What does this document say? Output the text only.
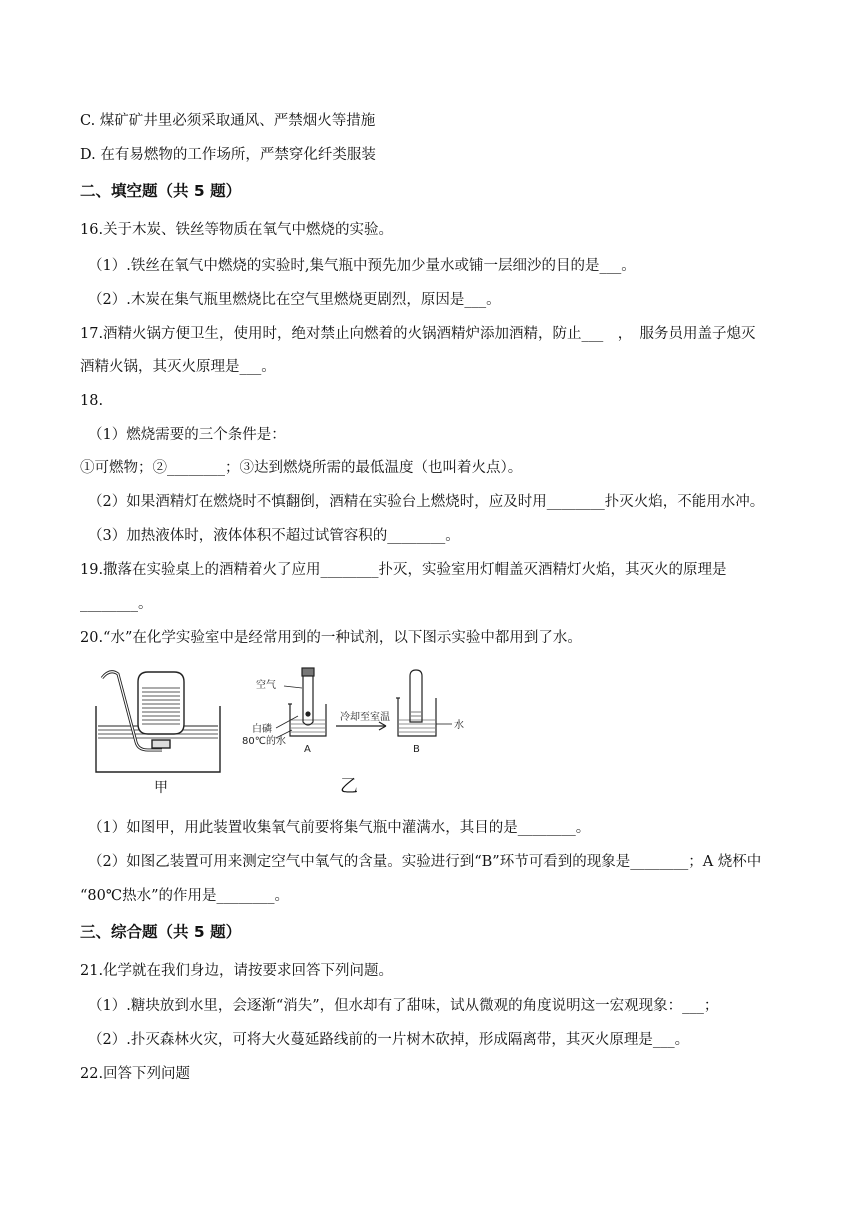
C. 煤矿矿井里必须采取通风、严禁烟火等措施
D. 在有易燃物的工作场所，严禁穿化纤类服装
二、填空题（共 5 题）
16.关于木炭、铁丝等物质在氧气中燃烧的实验。
（1）.铁丝在氧气中燃烧的实验时,集气瓶中预先加少量水或铺一层细沙的目的是___。
（2）.木炭在集气瓶里燃烧比在空气里燃烧更剧烈，原因是___。
17.酒精火锅方便卫生，使用时，绝对禁止向燃着的火锅酒精炉添加酒精，防止___　，　服务员用盖子熄灭
酒精火锅，其灭火原理是___。
18.
（1）燃烧需要的三个条件是：
①可燃物；②________；③达到燃烧所需的最低温度（也叫着火点）。
（2）如果酒精灯在燃烧时不慎翻倒，酒精在实验台上燃烧时，应及时用________扑灭火焰，不能用水冲。
（3）加热液体时，液体体积不超过试管容积的________。
19.撒落在实验桌上的酒精着火了应用________扑灭，实验室用灯帽盖灭酒精灯火焰，其灭火的原理是
________。
20.“水”在化学实验室中是经常用到的一种试剂，以下图示实验中都用到了水。
甲
空气
白磷
80℃的水
A
冷却至室温
水
B
乙
（1）如图甲，用此装置收集氧气前要将集气瓶中灌满水，其目的是________。
（2）如图乙装置可用来测定空气中氧气的含量。实验进行到“B”环节可看到的现象是________；A 烧杯中
“80℃热水”的作用是________。
三、综合题（共 5 题）
21.化学就在我们身边，请按要求回答下列问题。
（1）.糖块放到水里，会逐渐“消失”，但水却有了甜味，试从微观的角度说明这一宏观现象：___；
（2）.扑灭森林火灾，可将大火蔓延路线前的一片树木砍掉，形成隔离带，其灭火原理是___。
22.回答下列问题
